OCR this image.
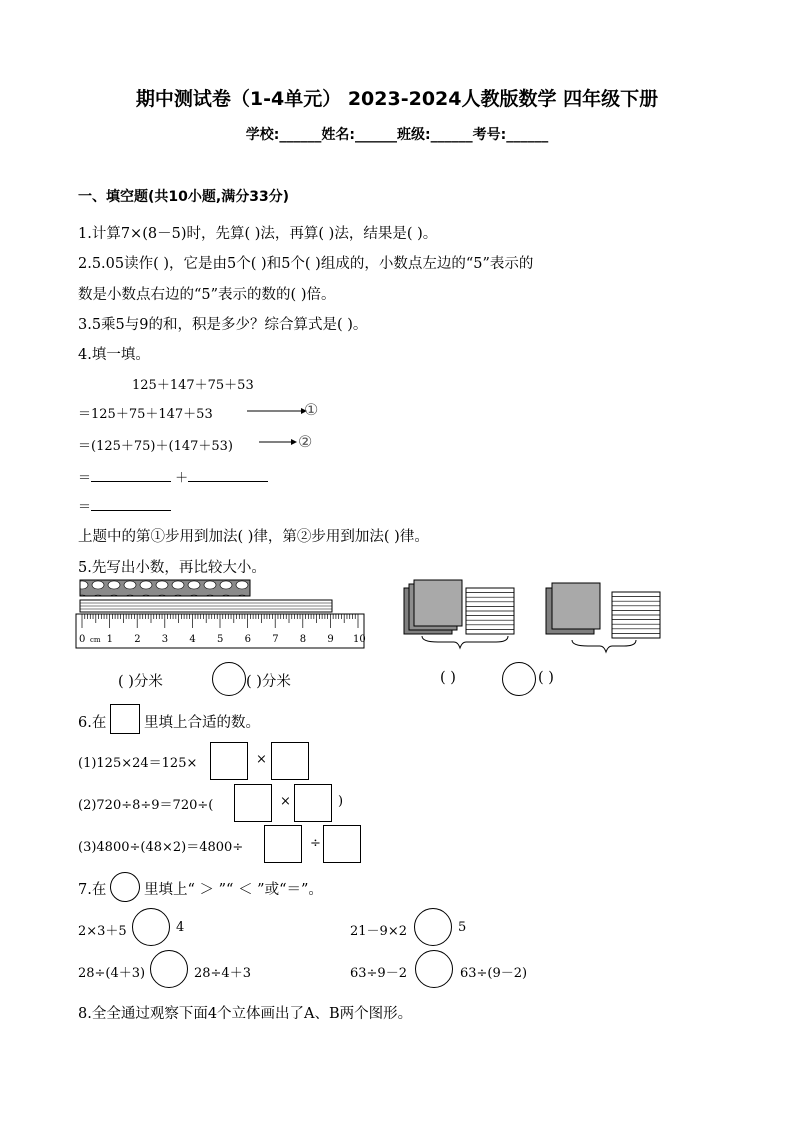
期中测试卷（1-4单元） 2023-2024人教版数学 四年级下册
学校:______姓名:______班级:______考号:______
一、填空题(共10小题,满分33分)
1.计算7×(8－5)时，先算( )法，再算( )法，结果是( )。
2.5.05读作( )，它是由5个( )和5个( )组成的，小数点左边的“5”表示的
数是小数点右边的“5”表示的数的( )倍。
3.5乘5与9的和，积是多少？综合算式是( )。
4.填一填。
125＋147＋75＋53
＝125＋75＋147＋53
＝(125＋75)＋(147＋53)
①
②
＝	＋
＝
上题中的第①步用到加法( )律，第②步用到加法( )律。
5.先写出小数，再比较大小。
0 1 2 3 4 5 6 7 8 9 10
cm
( )分米	( )分米	( )	( )
6.在	里填上合适的数。
(1)125×24＝125×	×
(2)720÷8÷9＝720÷(	×	)
(3)4800÷(48×2)＝4800÷	÷
7.在	里填上“ ＞ ”“ ＜ ”或“＝”。
2×3＋5	4	21－9×2	5
28÷(4＋3)	28÷4＋3	63÷9－2	63÷(9－2)
8.全全通过观察下面4个立体画出了A、B两个图形。
